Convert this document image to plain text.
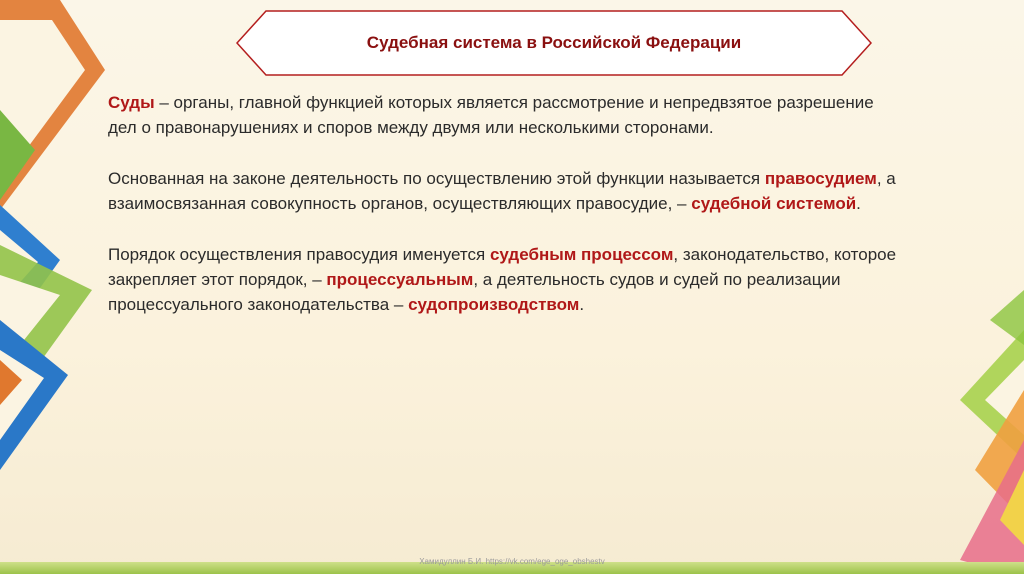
Судебная система в Российской Федерации

Суды – органы, главной функцией которых является рассмотрение и непредвзятое разрешение дел о правонарушениях и споров между двумя или несколькими сторонами.

Основанная на законе деятельность по осуществлению этой функции называется правосудием, а взаимосвязанная совокупность органов, осуществляющих правосудие, – судебной системой.

Порядок осуществления правосудия именуется судебным процессом, законодательство, которое закрепляет этот порядок, – процессуальным, а деятельность судов и судей по реализации процессуального законодательства – судопроизводством.

Хамидуллин Б.И. https://vk.com/ege_oge_obshestv
